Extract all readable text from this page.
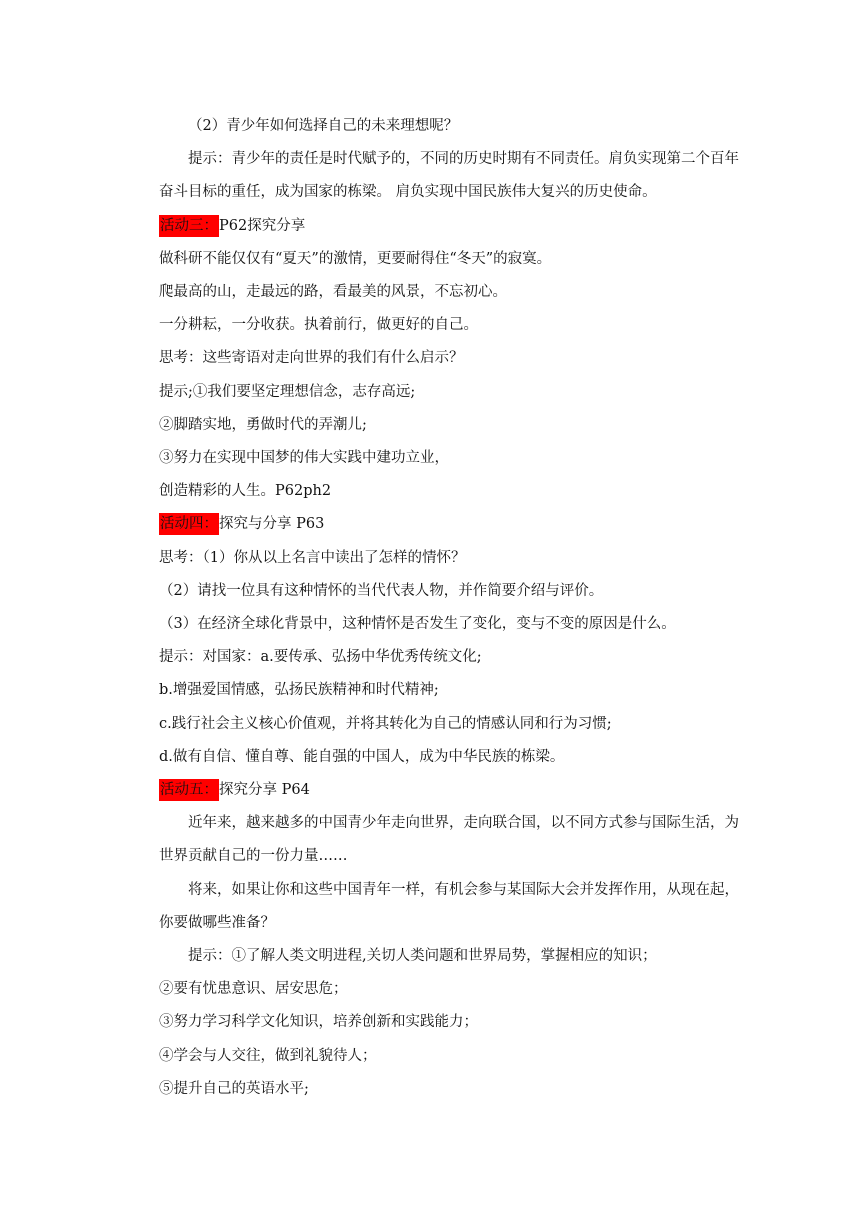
（2）青少年如何选择自己的未来理想呢？

提示：青少年的责任是时代赋予的，不同的历史时期有不同责任。肩负实现第二个百年奋斗目标的重任，成为国家的栋梁。 肩负实现中国民族伟大复兴的历史使命。

活动三：P62探究分享

做科研不能仅仅有“夏天”的激情，更要耐得住“冬天”的寂寞。

爬最高的山，走最远的路，看最美的风景，不忘初心。

一分耕耘，一分收获。执着前行，做更好的自己。

思考：这些寄语对走向世界的我们有什么启示？

提示;①我们要坚定理想信念，志存高远;

②脚踏实地，勇做时代的弄潮儿;

③努力在实现中国梦的伟大实践中建功立业，

创造精彩的人生。P62ph2

活动四：探究与分享 P63

思考：（1）你从以上名言中读出了怎样的情怀？

（2）请找一位具有这种情怀的当代代表人物，并作简要介绍与评价。

（3）在经济全球化背景中，这种情怀是否发生了变化，变与不变的原因是什么。

提示：对国家：a.要传承、弘扬中华优秀传统文化;

b.增强爱国情感，弘扬民族精神和时代精神;

c.践行社会主义核心价值观，并将其转化为自己的情感认同和行为习惯;

d.做有自信、懂自尊、能自强的中国人，成为中华民族的栋梁。

活动五：探究分享 P64

近年来，越来越多的中国青少年走向世界，走向联合国，以不同方式参与国际生活，为世界贡献自己的一份力量……

将来，如果让你和这些中国青年一样，有机会参与某国际大会并发挥作用，从现在起，你要做哪些准备？

提示：①了解人类文明进程,关切人类问题和世界局势，掌握相应的知识；

②要有忧患意识、居安思危；

③努力学习科学文化知识，培养创新和实践能力；

④学会与人交往，做到礼貌待人；

⑤提升自己的英语水平;
